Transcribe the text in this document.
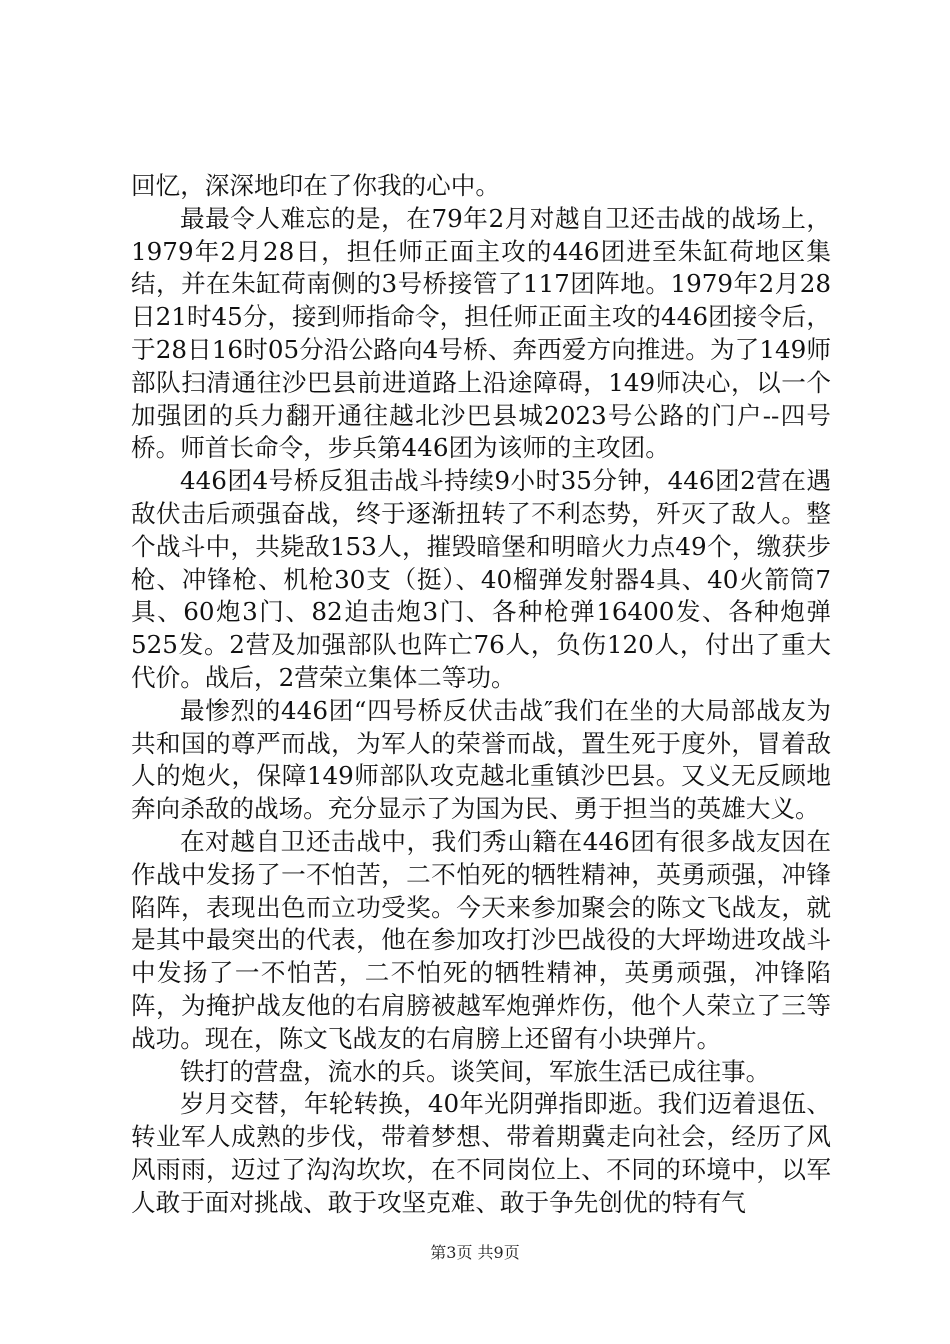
回忆，深深地印在了你我的心中。

最最令人难忘的是，在79年2月对越自卫还击战的战场上，1979年2月28日，担任师正面主攻的446团进至朱缸荷地区集结，并在朱缸荷南侧的3号桥接管了117团阵地。1979年2月28日21时45分，接到师指命令，担任师正面主攻的446团接令后，于28日16时05分沿公路向4号桥、奔西爱方向推进。为了149师部队扫清通往沙巴县前进道路上沿途障碍，149师决心，以一个加强团的兵力翻开通往越北沙巴县城2023号公路的门户--四号桥。师首长命令，步兵第446团为该师的主攻团。

446团4号桥反狙击战斗持续9小时35分钟，446团2营在遇敌伏击后顽强奋战，终于逐渐扭转了不利态势，歼灭了敌人。整个战斗中，共毙敌153人，摧毁暗堡和明暗火力点49个，缴获步枪、冲锋枪、机枪30支（挺）、40榴弹发射器4具、40火箭筒7具、60炮3门、82迫击炮3门、各种枪弹16400发、各种炮弹525发。2营及加强部队也阵亡76人，负伤120人，付出了重大代价。战后，2营荣立集体二等功。

最惨烈的446团“四号桥反伏击战″我们在坐的大局部战友为共和国的尊严而战，为军人的荣誉而战，置生死于度外，冒着敌人的炮火，保障149师部队攻克越北重镇沙巴县。又义无反顾地奔向杀敌的战场。充分显示了为国为民、勇于担当的英雄大义。

在对越自卫还击战中，我们秀山籍在446团有很多战友因在作战中发扬了一不怕苦，二不怕死的牺牲精神，英勇顽强，冲锋陷阵，表现出色而立功受奖。今天来参加聚会的陈文飞战友，就是其中最突出的代表，他在参加攻打沙巴战役的大坪坳进攻战斗中发扬了一不怕苦，二不怕死的牺牲精神，英勇顽强，冲锋陷阵，为掩护战友他的右肩膀被越军炮弹炸伤，他个人荣立了三等战功。现在，陈文飞战友的右肩膀上还留有小块弹片。

铁打的营盘，流水的兵。谈笑间，军旅生活已成往事。

岁月交替，年轮转换，40年光阴弹指即逝。我们迈着退伍、转业军人成熟的步伐，带着梦想、带着期冀走向社会，经历了风风雨雨，迈过了沟沟坎坎，在不同岗位上、不同的环境中，以军人敢于面对挑战、敢于攻坚克难、敢于争先创优的特有气

第3页 共9页
